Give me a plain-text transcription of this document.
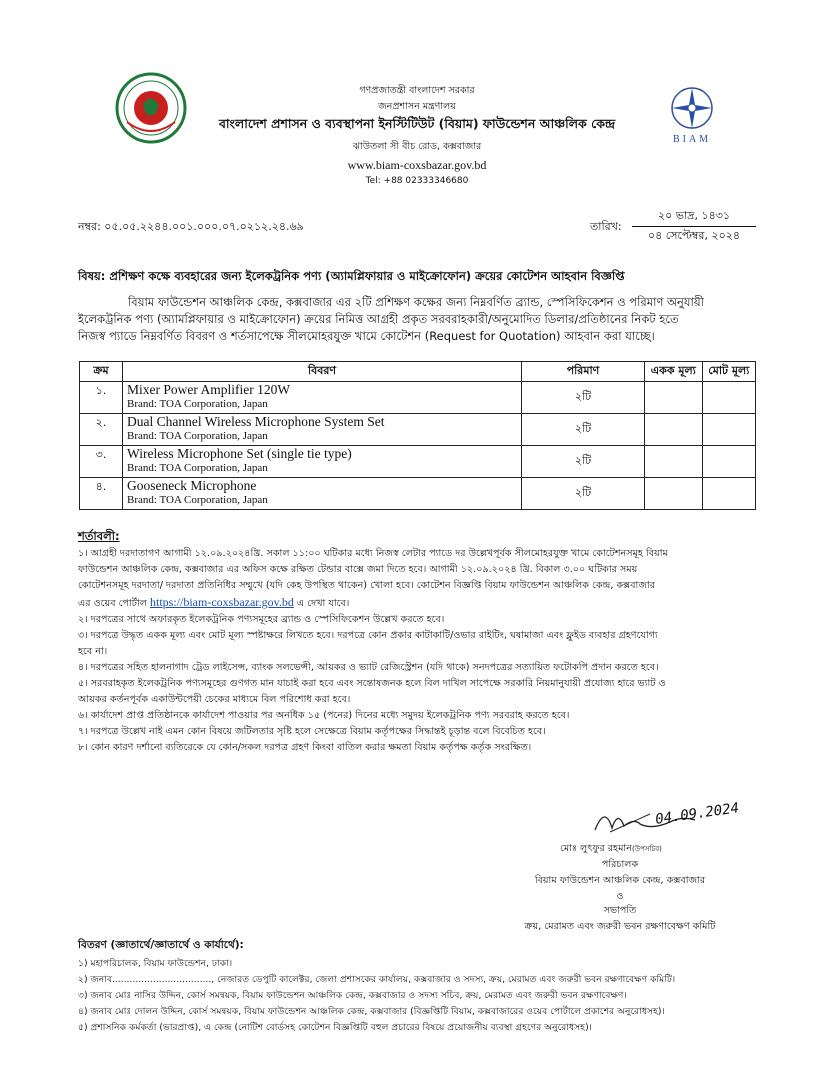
গণপ্রজাতন্ত্রী বাংলাদেশ সরকার
জনপ্রশাসন মন্ত্রণালয়
বাংলাদেশ প্রশাসন ও ব্যবস্থাপনা ইনস্টিটিউট (বিয়াম) ফাউন্ডেশন আঞ্চলিক কেন্দ্র
ঝাউতলা সী বীচ রোড, কক্সবাজার
www.biam-coxsbazar.gov.bd
Tel: +88 02333346680
BIAM
নম্বর: ০৫.০৫.২২৪৪.০০১.০০০.০৭.০২১২.২৪.৬৯	তারিখ:
২০ ভাদ্র, ১৪৩১
০৪ সেপ্টেম্বর, ২০২৪
বিষয়: প্রশিক্ষণ কক্ষে ব্যবহারের জন্য ইলেকট্রনিক পণ্য (অ্যামপ্লিফায়ার ও মাইক্রোফোন) ক্রয়ের কোটেশন আহবান বিজ্ঞপ্তি
বিয়াম ফাউন্ডেশন আঞ্চলিক কেন্দ্র, কক্সবাজার এর ২টি প্রশিক্ষণ কক্ষের জন্য নিম্নবর্ণিত ব্র্যান্ড, স্পেসিফিকেশন ও পরিমাণ অনুযায়ী
ইলেকট্রনিক পণ্য (অ্যামপ্লিফায়ার ও মাইক্রোফোন) ক্রয়ের নিমিত্ত আগ্রহী প্রকৃত সরবরাহকারী/অনুমোদিত ডিলার/প্রতিষ্ঠানের নিকট হতে
নিজস্ব প্যাডে নিম্নবর্ণিত বিবরণ ও শর্তসাপেক্ষে সীলমোহরযুক্ত খামে কোটেশন (Request for Quotation) আহবান করা যাচ্ছে।
ক্রম	বিবরণ	পরিমাণ	একক মূল্য	মোট মূল্য
১.	Mixer Power Amplifier 120W
Brand: TOA Corporation, Japan	২টি		
২.	Dual Channel Wireless Microphone System Set
Brand: TOA Corporation, Japan	২টি		
৩.	Wireless Microphone Set (single tie type)
Brand: TOA Corporation, Japan	২টি		
৪.	Gooseneck Microphone
Brand: TOA Corporation, Japan	২টি		
শর্তাবলী:

১। আগ্রহী দরদাতাগণ আগামী ১২.০৯.২০২৪খ্রি. সকাল ১১:০০ ঘটিকার মধ্যে নিজস্ব লেটার প্যাডে দর উল্লেখপূর্বক সীলমোহরযুক্ত খামে কোটেশনসমূহ বিয়াম

ফাউন্ডেশন আঞ্চলিক কেন্দ্র, কক্সবাজার এর অফিস কক্ষে রক্ষিত টেন্ডার বাক্সে জমা দিতে হবে। আগামী ১২.০৯.২০২৪ খ্রি. বিকাল ৩.০০ ঘটিকার সময়

কোটেশনসমূহ দরদাতা/ দরদাতা প্রতিনিধির সম্মুখে (যদি কেহ উপস্থিত থাকেন) খোলা হবে। কোটেশন বিজ্ঞপ্তি বিয়াম ফাউন্ডেশন আঞ্চলিক কেন্দ্র, কক্সবাজার

এর ওয়েব পোর্টাল https://biam-coxsbazar.gov.bd এ দেখা যাবে।

২। দরপত্রের সাথে অফারকৃত ইলেকট্রনিক পণ্যসমূহের ব্র্যান্ড ও স্পেসিফিকেশন উল্লেখ করতে হবে।

৩। দরপত্রে উদ্ধৃত একক মূল্য এবং মোট মূল্য স্পষ্টাক্ষরে লিখতে হবে। দরপত্রে কোন প্রকার কাটাকাটি/ওভার রাইটিং, ঘষামাজা এবং ফ্লুইড ব্যবহার গ্রহণযোগ্য

হবে না।

৪। দরপত্রের সহিত হালনাগাদ ট্রেড লাইসেন্স, ব্যাংক সলভেন্সী, আয়কর ও ভ্যাট রেজিস্ট্রেশন (যদি থাকে) সনদপত্রের সত্যায়িত ফটোকপি প্রদান করতে হবে।

৫। সরবরাহকৃত ইলেকট্রনিক পণ্যসমূহের গুণগত মান যাচাই করা হবে এবং সন্তোষজনক হলে বিল দাখিল সাপেক্ষে সরকারি নিয়মানুযায়ী প্রযোজ্য হারে ভ্যাট ও

আয়কর কর্তনপূর্বক একাউন্টপেয়ী চেকের মাধ্যমে বিল পরিশোধ করা হবে।

৬। কার্যাদেশ প্রাপ্ত প্রতিষ্ঠানকে কার্যাদেশ পাওয়ার পর অনধিক ১৫ (পনের) দিনের মধ্যে সমুদয় ইলেকট্রনিক পণ্য সরবরাহ করতে হবে।

৭। দরপত্রে উল্লেখ নাই এমন কোন বিষয়ে জটিলতার সৃষ্টি হলে সেক্ষেত্রে বিয়াম কর্তৃপক্ষের সিদ্ধান্তই চূড়ান্ত বলে বিবেচিত হবে।

৮। কোন কারণ দর্শানো ব্যতিরেকে যে কোন/সকল দরপত্র গ্রহণ কিংবা বাতিল করার ক্ষমতা বিয়াম কর্তৃপক্ষ কর্তৃক সংরক্ষিত।

04.09.2024
মোঃ লুৎফুর রহমান(উপসচিব)
পরিচালক
বিয়াম ফাউন্ডেশন আঞ্চলিক কেন্দ্র, কক্সবাজার
ও
সভাপতি
ক্রয়, মেরামত এবং জরুরী ভবন রক্ষণাবেক্ষণ কমিটি
বিতরণ (জ্ঞাতার্থে/জ্ঞাতার্থে ও কার্যার্থে):

১) মহাপরিচালক, বিয়াম ফাউন্ডেশন, ঢাকা।

২) জনাব.................................., নেজারত ডেপুটি কালেক্টর, জেলা প্রশাসকের কার্যালয়, কক্সবাজার ও সদস্য, ক্রয়, মেরামত এবং জরুরী ভবন রক্ষণাবেক্ষণ কমিটি।

৩) জনাব মোঃ নাসির উদ্দিন, কোর্স সমন্বয়ক, বিয়াম ফাউন্ডেশন আঞ্চলিক কেন্দ্র, কক্সবাজার ও সদস্য সচিব, ক্রয়, মেরামত এবং জরুরী ভবন রক্ষণাবেক্ষণ।

৪) জনাব মোঃ দোলন উদ্দিন, কোর্স সমন্বয়ক, বিয়াম ফাউন্ডেশন আঞ্চলিক কেন্দ্র, কক্সবাজার (বিজ্ঞপ্তিটি বিয়াম, কক্সবাজারের ওয়েব পোর্টালে প্রকাশের অনুরোধসহ)।

৫) প্রশাসনিক কর্মকর্তা (ভারপ্রাপ্ত), এ কেন্দ্র (নোটিশ বোর্ডসহ কোটেশন বিজ্ঞপ্তিটি বহুল প্রচারের বিষয়ে প্রয়োজনীয় ব্যবস্থা গ্রহণের অনুরোধসহ)।
